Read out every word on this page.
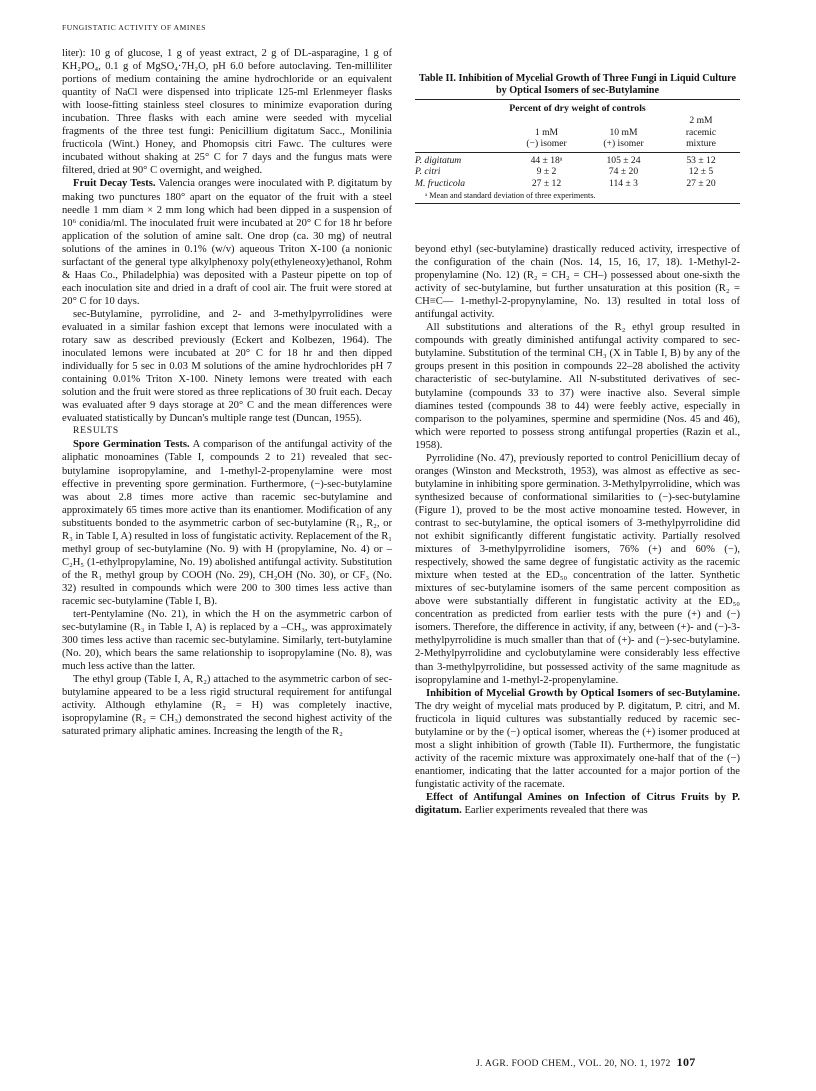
FUNGISTATIC ACTIVITY OF AMINES

liter): 10 g of glucose, 1 g of yeast extract, 2 g of DL-asparagine, 1 g of KH₂PO₄, 0.1 g of MgSO₄·7H₂O, pH 6.0 before autoclaving. Ten-milliliter portions of medium containing the amine hydrochloride or an equivalent quantity of NaCl were dispensed into triplicate 125-ml Erlenmeyer flasks with loose-fitting stainless steel closures to minimize evaporation during incubation. Three flasks with each amine were seeded with mycelial fragments of the three test fungi: Penicillium digitatum Sacc., Monilinia fructicola (Wint.) Honey, and Phomopsis citri Fawc. The cultures were incubated without shaking at 25° C for 7 days and the fungus mats were filtered, dried at 90° C overnight, and weighed.

Fruit Decay Tests. Valencia oranges were inoculated with P. digitatum by making two punctures 180° apart on the equator of the fruit with a steel needle 1 mm diam × 2 mm long which had been dipped in a suspension of 10⁶ conidia/ml. The inoculated fruit were incubated at 20° C for 18 hr before application of the solution of amine salt. One drop (ca. 30 mg) of neutral solutions of the amines in 0.1% (w/v) aqueous Triton X-100 (a nonionic surfactant of the general type alkylphenoxy poly(ethyleneoxy)ethanol, Rohm & Haas Co., Philadelphia) was deposited with a Pasteur pipette on top of each inoculation site and dried in a draft of cool air. The fruit were stored at 20° C for 10 days.

sec-Butylamine, pyrrolidine, and 2- and 3-methylpyrrolidines were evaluated in a similar fashion except that lemons were inoculated with a rotary saw as described previously (Eckert and Kolbezen, 1964). The inoculated lemons were incubated at 20° C for 18 hr and then dipped individually for 5 sec in 0.03 M solutions of the amine hydrochlorides pH 7 containing 0.01% Triton X-100. Ninety lemons were treated with each solution and the fruit were stored as three replications of 30 fruit each. Decay was evaluated after 9 days storage at 20° C and the mean differences were evaluated statistically by Duncan's multiple range test (Duncan, 1955).

RESULTS

Spore Germination Tests. A comparison of the antifungal activity of the aliphatic monoamines (Table I, compounds 2 to 21) revealed that sec-butylamine isopropylamine, and 1-methyl-2-propenylamine were most effective in preventing spore germination. Furthermore, (−)-sec-butylamine was about 2.8 times more active than racemic sec-butylamine and approximately 65 times more active than its enantiomer. Modification of any substituents bonded to the asymmetric carbon of sec-butylamine (R₁, R₂, or R₃ in Table I, A) resulted in loss of fungistatic activity. Replacement of the R₁ methyl group of sec-butylamine (No. 9) with H (propylamine, No. 4) or –C₂H₅ (1-ethylpropylamine, No. 19) abolished antifungal activity. Substitution of the R₁ methyl group by COOH (No. 29), CH₂OH (No. 30), or CF₃ (No. 32) resulted in compounds which were 200 to 300 times less active than racemic sec-butylamine (Table I, B).

tert-Pentylamine (No. 21), in which the H on the asymmetric carbon of sec-butylamine (R₃ in Table I, A) is replaced by a –CH₃, was approximately 300 times less active than racemic sec-butylamine. Similarly, tert-butylamine (No. 20), which bears the same relationship to isopropylamine (No. 8), was much less active than the latter.

The ethyl group (Table I, A, R₂) attached to the asymmetric carbon of sec-butylamine appeared to be a less rigid structural requirement for antifungal activity. Although ethylamine (R₂ = H) was completely inactive, isopropylamine (R₂ = CH₃) demonstrated the second highest activity of the saturated primary aliphatic amines. Increasing the length of the R₂

Table II. Inhibition of Mycelial Growth of Three Fungi in Liquid Culture by Optical Isomers of sec-Butylamine
Percent of dry weight of controls
2 mM
1 mM	10 mM	racemic
(−) isomer	(+) isomer	mixture
P. digitatum	44 ± 18ᵃ	105 ± 24	53 ± 12
P. citri	9 ± 2	74 ± 20	12 ± 5
M. fructicola	27 ± 12	114 ± 3	27 ± 20
ᵃ Mean and standard deviation of three experiments.

beyond ethyl (sec-butylamine) drastically reduced activity, irrespective of the configuration of the chain (Nos. 14, 15, 16, 17, 18). 1-Methyl-2-propenylamine (No. 12) (R₂ = CH₂ = CH–) possessed about one-sixth the activity of sec-butylamine, but further unsaturation at this position (R₂ = CH≡C— 1-methyl-2-propynylamine, No. 13) resulted in total loss of antifungal activity.

All substitutions and alterations of the R₂ ethyl group resulted in compounds with greatly diminished antifungal activity compared to sec-butylamine. Substitution of the terminal CH₃ (X in Table I, B) by any of the groups present in this position in compounds 22–28 abolished the activity characteristic of sec-butylamine. All N-substituted derivatives of sec-butylamine (compounds 33 to 37) were inactive also. Several simple diamines tested (compounds 38 to 44) were feebly active, especially in comparison to the polyamines, spermine and spermidine (Nos. 45 and 46), which were reported to possess strong antifungal properties (Razin et al., 1958).

Pyrrolidine (No. 47), previously reported to control Penicillium decay of oranges (Winston and Meckstroth, 1953), was almost as effective as sec-butylamine in inhibiting spore germination. 3-Methylpyrrolidine, which was synthesized because of conformational similarities to (−)-sec-butylamine (Figure 1), proved to be the most active monoamine tested. However, in contrast to sec-butylamine, the optical isomers of 3-methylpyrrolidine did not exhibit significantly different fungistatic activity. Partially resolved mixtures of 3-methylpyrrolidine isomers, 76% (+) and 60% (−), respectively, showed the same degree of fungistatic activity as the racemic mixture when tested at the ED₅₀ concentration of the latter. Synthetic mixtures of sec-butylamine isomers of the same percent composition as above were substantially different in fungistatic activity at the ED₅₀ concentration as predicted from earlier tests with the pure (+) and (−) isomers. Therefore, the difference in activity, if any, between (+)- and (−)-3-methylpyrrolidine is much smaller than that of (+)- and (−)-sec-butylamine. 2-Methylpyrrolidine and cyclobutylamine were considerably less effective than 3-methylpyrrolidine, but possessed activity of the same magnitude as isopropylamine and 1-methyl-2-propenylamine.

Inhibition of Mycelial Growth by Optical Isomers of sec-Butylamine. The dry weight of mycelial mats produced by P. digitatum, P. citri, and M. fructicola in liquid cultures was substantially reduced by racemic sec-butylamine or by the (−) optical isomer, whereas the (+) isomer produced at most a slight inhibition of growth (Table II). Furthermore, the fungistatic activity of the racemic mixture was approximately one-half that of the (−) enantiomer, indicating that the latter accounted for a major portion of the fungistatic activity of the racemate.

Effect of Antifungal Amines on Infection of Citrus Fruits by P. digitatum. Earlier experiments revealed that there was

J. AGR. FOOD CHEM., VOL. 20, NO. 1, 1972 107
